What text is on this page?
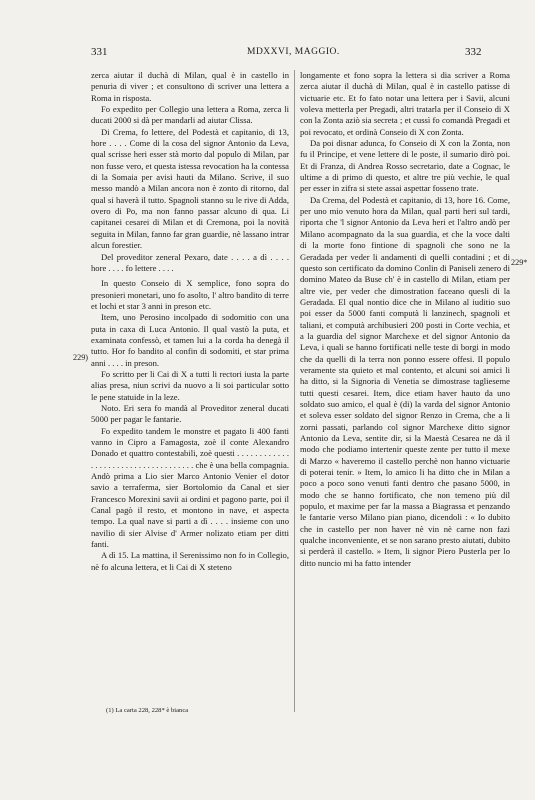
331	MDXXVI, MAGGIO.	332

zerca aiutar il duchà di Milan, qual è in castello in penuria di viver ; et consultono di scriver una lettera a Roma in risposta.

Fo expedito per Collegio una lettera a Roma, zerca li ducati 2000 si dà per mandarli ad aiutar Clissa.

Di Crema, fo lettere, del Podestà et capitanio, di 13, hore . . . . Come di la cosa del signor Antonio da Leva, qual scrisse heri esser stà morto dal populo di Milan, par non fusse vero, et questa istessa revocation ha la contessa di la Somaia per avisi hauti da Milano. Scrive, il suo messo mandò a Milan ancora non è zonto di ritorno, dal qual si haverà il tutto. Spagnoli stanno su le rive di Adda, overo di Po, ma non fanno passar alcuno di qua. Li capitanei cesarei di Milan et di Cremona, poi la novità seguita in Milan, fanno far gran guardie, nè lassano intrar alcun forestier.

Del proveditor zeneral Pexaro, date . . . . a dì . . . . hore . . . . fo lettere . . . .

In questo Conseio di X semplice, fono sopra do presonieri monetari, uno fo asolto, l' altro bandito di terre et lochi et star 3 anni in preson etc.

Item, uno Perosino incolpado di sodomitio con una puta in caxa di Luca Antonio. Il qual vastò la puta, et examinata confessò, et tamen lui a la corda ha denegà il tutto. Hor fo bandito al confin di sodomiti, et star prima anni . . . . in preson.

Fo scritto per li Cai di X a tutti li rectori iusta la parte alias presa, niun scrivi da nuovo a li soi particular sotto le pene statuide in la leze.

Noto. Eri sera fo mandà al Proveditor zeneral ducati 5000 per pagar le fantarie.

Fo expedito tandem le monstre et pagato li 400 fanti vanno in Cipro a Famagosta, zoè il conte Alexandro Donado et quattro contestabili, zoè questi . . . . . . . . . . . . . . . . . . . . . . . . . . . . . . . . . . . . che è una bella compagnia. Andò prima a Lio sier Marco Antonio Venier el dotor savio a terraferma, sier Bortolomio da Canal et sier Francesco Morexini savii ai ordini et pagono parte, poi il Canal pagò il resto, et montono in nave, et aspecta tempo. La qual nave si parti a dì . . . . insieme con uno navilio di sier Alvise d' Armer nolizato etiam per ditti fanti.

A dì 15. La mattina, il Serenissimo non fo in Collegio, nè fo alcuna lettera, et li Cai di X steteno

longamente et fono sopra la lettera si dia scriver a Roma zerca aiutar il duchà di Milan, qual è in castello patisse di victuarie etc. Et fo fato notar una lettera per i Savii, alcuni voleva metterla per Pregadi, altri tratarla per il Conseio di X con la Zonta aziò sia secreta ; et cussì fo comandà Pregadi et poi revocato, et ordinà Conseio di X con Zonta.

Da poi disnar adunca, fo Conseio di X con la Zonta, non fu il Principe, et vene lettere di le poste, il sumario dirò poi. Et di Franza, di Andrea Rosso secretario, date a Cognac, le ultime a di primo di questo, et altre tre più vechie, le qual per esser in zifra si stete assai aspettar fosseno trate.

Da Crema, del Podestà et capitanio, di 13, hore 16. Come, per uno mio venuto hora da Milan, qual parti heri sul tardi, riporta che 'l signor Antonio da Leva heri et l'altro andò per Milano acompagnato da la sua guardia, et che la voce dalti di la morte fono fintione di spagnoli che sono ne la Geradada per veder li andamenti di quelli contadini ; et di questo son certificato da domino Conlin di Paniseli zenero di domino Mateo da Buse ch' è in castello di Milan, etiam per altre vie, per veder che dimostration faceano quesli di la Geradada. El qual nontio dice che in Milano al iuditio suo poi esser da 5000 fanti computà li lanzinech, spagnoli et taliani, et computà archibusieri 200 posti in Corte vechia, et a la guardia del signor Marchexe et del signor Antonio da Leva, i quali se hanno fortificati nelle teste di borgi in modo che da quelli di la terra non ponno essere offesi. Il populo veramente sta quieto et mal contento, et alcuni soi amici li ha ditto, si la Signoria di Venetia se dimostrase taglieseme tutti questi cesarei. Item, dice etiam haver hauto da uno soldato suo amico, el qual è (di) la varda del signor Antonio et soleva esser soldato del signor Renzo in Crema, che a li zorni passati, parlando col signor Marchexe ditto signor Antonio da Leva, sentite dir, si la Maestà Cesarea ne dà il modo che podiamo intertenir queste zente per tutto il mexe di Marzo « haveremo il castello perchè non hanno victuarie di poterai tenir. » Item, lo amico li ha ditto che in Milan a poco a poco sono venuti fanti dentro che pasano 5000, in modo che se hanno fortificato, che non temeno più dil populo, et maxime per far la massa a Biagrassa et penzando le fantarie verso Milano pian piano, dicendoli : « Io dubito che in castello per non haver nè vin nè carne non fazi qualche inconveniente, et se non sarano presto aiutati, dubito si perderà il castello. » Item, li signor Piero Pusterla per lo ditto nuncio mi ha fatto intender

229)
229*
(1) La carta 228, 228* è bianca
